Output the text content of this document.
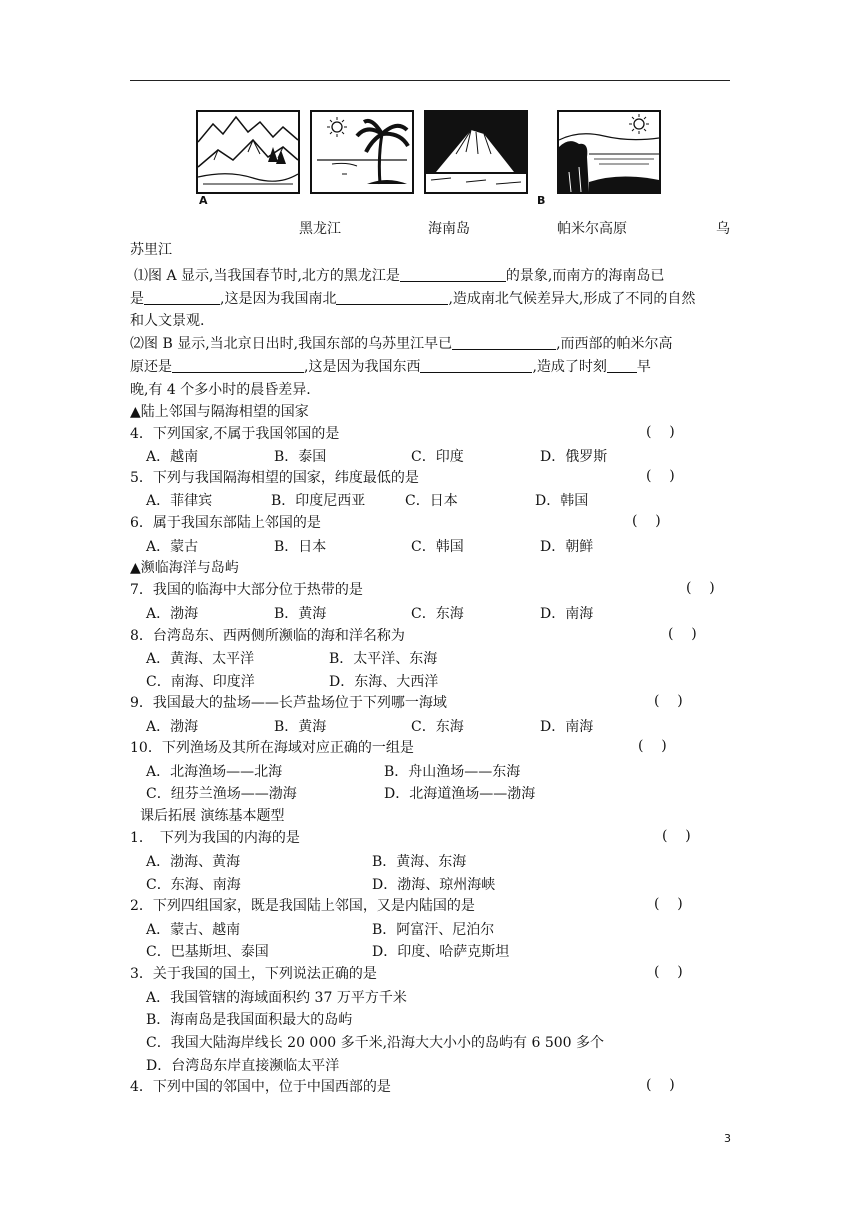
A	B
黑龙江	海南岛	帕米尔高原	乌
苏里江
⑴图 A 显示,当我国春节时,北方的黑龙江是	的景象,而南方的海南岛已
是	,这是因为我国南北	,造成南北气候差异大,形成了不同的自然
和人文景观.
⑵图 B 显示,当北京日出时,我国东部的乌苏里江早已	,而西部的帕米尔高
原还是	,这是因为我国东西	,造成了时刻 早
晚,有 4 个多小时的晨昏差异.
▲陆上邻国与隔海相望的国家
4．下列国家,不属于我国邻国的是	(    )
A．越南	B．泰国	C．印度	D．俄罗斯
5．下列与我国隔海相望的国家，纬度最低的是	(    )
A．菲律宾	B．印度尼西亚	C．日本	D．韩国
6．属于我国东部陆上邻国的是	(    )
A．蒙古	B．日本	C．韩国	D．朝鲜
▲濒临海洋与岛屿
7．我国的临海中大部分位于热带的是	(    )
A．渤海	B．黄海	C．东海	D．南海
8．台湾岛东、西两侧所濒临的海和洋名称为	(    )
A．黄海、太平洋	B．太平洋、东海
C．南海、印度洋	D．东海、大西洋
9．我国最大的盐场——长芦盐场位于下列哪一海域	(    )
A．渤海	B．黄海	C．东海	D．南海
10．下列渔场及其所在海域对应正确的一组是	(    )
A．北海渔场——北海	B．舟山渔场——东海
C．纽芬兰渔场——渤海	D．北海道渔场——渤海
课后拓展 演练基本题型
1．　下列为我国的内海的是	(    )
A．渤海、黄海	B．黄海、东海
C．东海、南海	D．渤海、琼州海峡
2．下列四组国家，既是我国陆上邻国，又是内陆国的是	(    )
A．蒙古、越南	B．阿富汗、尼泊尔
C．巴基斯坦、泰国	D．印度、哈萨克斯坦
3．关于我国的国土，下列说法正确的是	(    )
A．我国管辖的海域面积约 37 万平方千米
B．海南岛是我国面积最大的岛屿
C．我国大陆海岸线长 20 000 多千米,沿海大大小小的岛屿有 6 500 多个
D．台湾岛东岸直接濒临太平洋
4．下列中国的邻国中，位于中国西部的是	(    )
3
